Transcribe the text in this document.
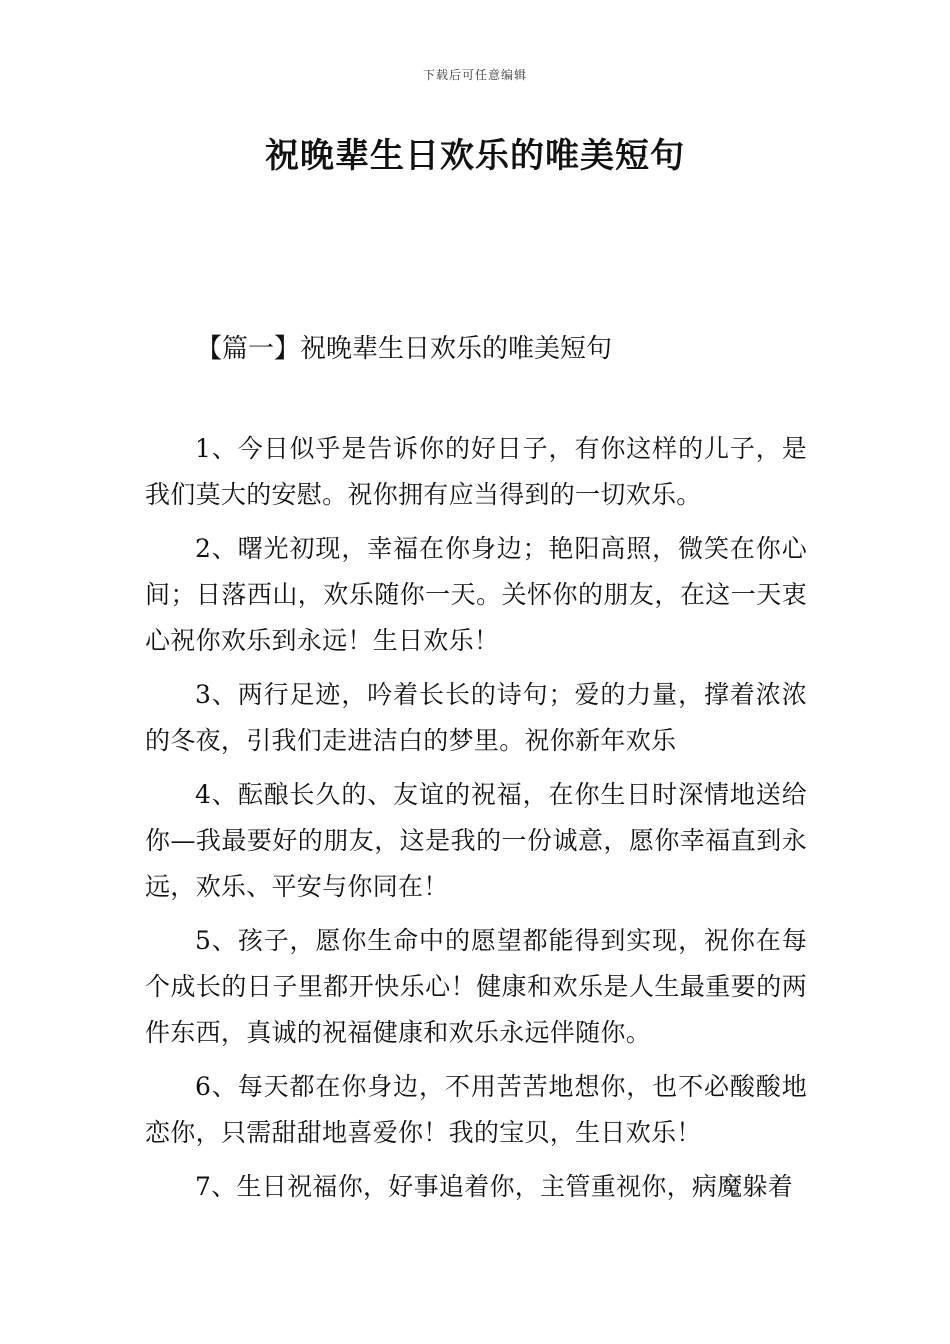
下载后可任意编辑
祝晚辈生日欢乐的唯美短句
【篇一】祝晚辈生日欢乐的唯美短句

1、今日似乎是告诉你的好日子，有你这样的儿子，是我们莫大的安慰。祝你拥有应当得到的一切欢乐。

2、曙光初现，幸福在你身边；艳阳高照，微笑在你心间；日落西山，欢乐随你一天。关怀你的朋友，在这一天衷心祝你欢乐到永远！生日欢乐！

3、两行足迹，吟着长长的诗句；爱的力量，撑着浓浓的冬夜，引我们走进洁白的梦里。祝你新年欢乐

4、酝酿长久的、友谊的祝福，在你生日时深情地送给你—我最要好的朋友，这是我的一份诚意，愿你幸福直到永远，欢乐、平安与你同在！

5、孩子，愿你生命中的愿望都能得到实现，祝你在每个成长的日子里都开快乐心！健康和欢乐是人生最重要的两件东西，真诚的祝福健康和欢乐永远伴随你。

6、每天都在你身边，不用苦苦地想你，也不必酸酸地恋你，只需甜甜地喜爱你！我的宝贝，生日欢乐！

7、生日祝福你，好事追着你，主管重视你，病魔躲着
